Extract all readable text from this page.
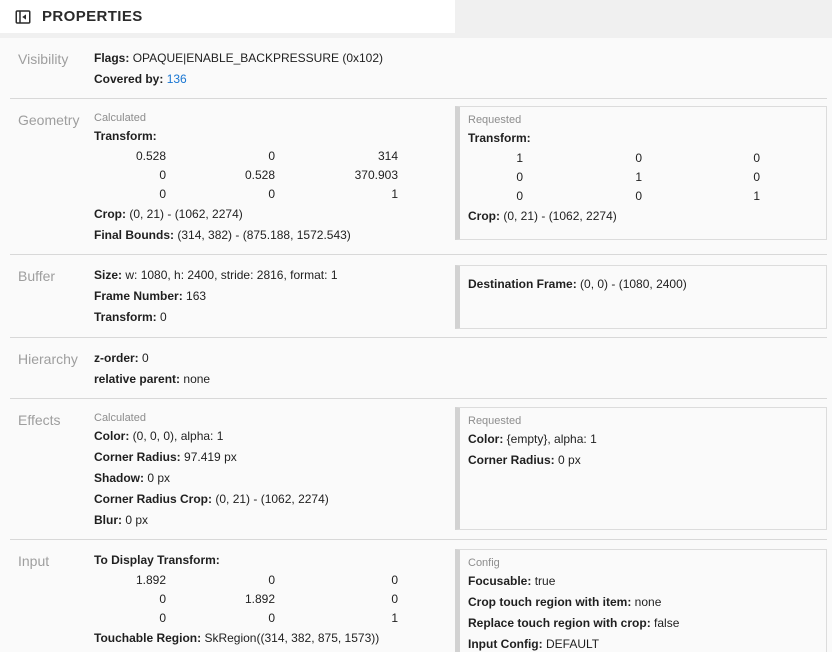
PROPERTIES
Visibility	Flags: OPAQUE|ENABLE_BACKPRESSURE (0x102)
Covered by: 136
Geometry	Calculated
Transform:
0.528	0	314
0	0.528	370.903
0	0	1
Crop: (0, 21) - (1062, 2274)
Final Bounds: (314, 382) - (875.188, 1572.543)
Requested
Transform:
1	0	0
0	1	0
0	0	1
Crop: (0, 21) - (1062, 2274)
Buffer	Size: w: 1080, h: 2400, stride: 2816, format: 1
Frame Number: 163
Transform: 0
Destination Frame: (0, 0) - (1080, 2400)
Hierarchy	z-order: 0
relative parent: none
Effects	Calculated
Color: (0, 0, 0), alpha: 1
Corner Radius: 97.419 px
Shadow: 0 px
Corner Radius Crop: (0, 21) - (1062, 2274)
Blur: 0 px
Requested
Color: {empty}, alpha: 1
Corner Radius: 0 px
Input	To Display Transform:
1.892	0	0
0	1.892	0
0	0	1
Touchable Region: SkRegion((314, 382, 875, 1573))
Config
Focusable: true
Crop touch region with item: none
Replace touch region with crop: false
Input Config: DEFAULT
